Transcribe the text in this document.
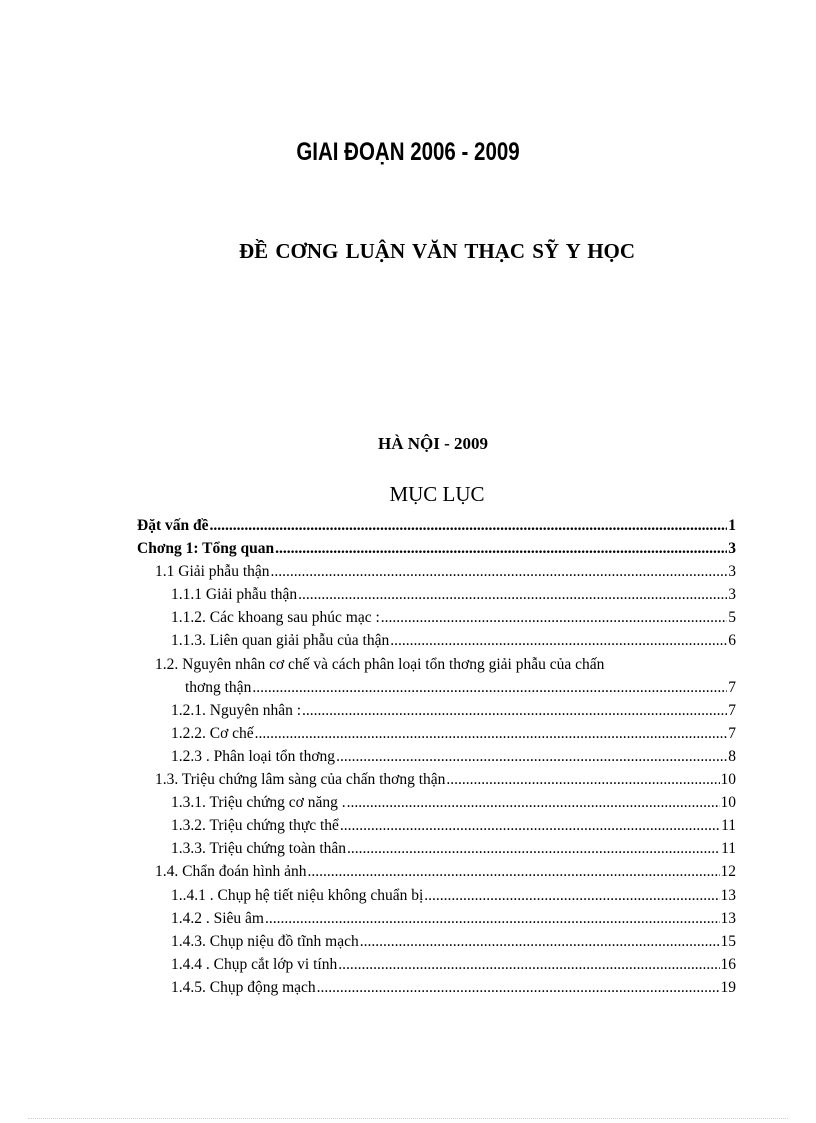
GIAI ĐOẠN 2006 - 2009
ĐỀ CƠNG LUẬN VĂN THẠC SỸ Y HỌC
HÀ NỘI - 2009
MỤC LỤC
Đặt vấn đề .....	1
Chơng 1: Tổng quan .....	3
1.1 Giải phẫu thận .....	3
1.1.1 Giải phẫu thận .....	3
1.1.2. Các khoang sau phúc mạc : .....	5
1.1.3. Liên quan giải phẫu của thận .....	6
1.2. Nguyên nhân cơ chế và cách phân loại tổn thơng giải phẫu của chấn
thơng thận .....	7
1.2.1. Nguyên nhân : .....	7
1.2.2. Cơ chế .....	7
1.2.3 . Phân loại tổn thơng .....	8
1.3. Triệu chứng lâm sàng của chấn thơng thận .....	10
1.3.1. Triệu chứng cơ năng . .....	10
1.3.2. Triệu chứng thực thể .....	11
1.3.3. Triệu chứng toàn thân .....	11
1.4. Chẩn đoán hình ảnh .....	12
1..4.1 . Chụp hệ tiết niệu không chuẩn bị .....	13
1.4.2 . Siêu âm .....	13
1.4.3. Chụp niệu đồ tĩnh mạch .....	15
1.4.4 . Chụp cắt lớp vi tính .....	16
1.4.5. Chụp động mạch .....	19
